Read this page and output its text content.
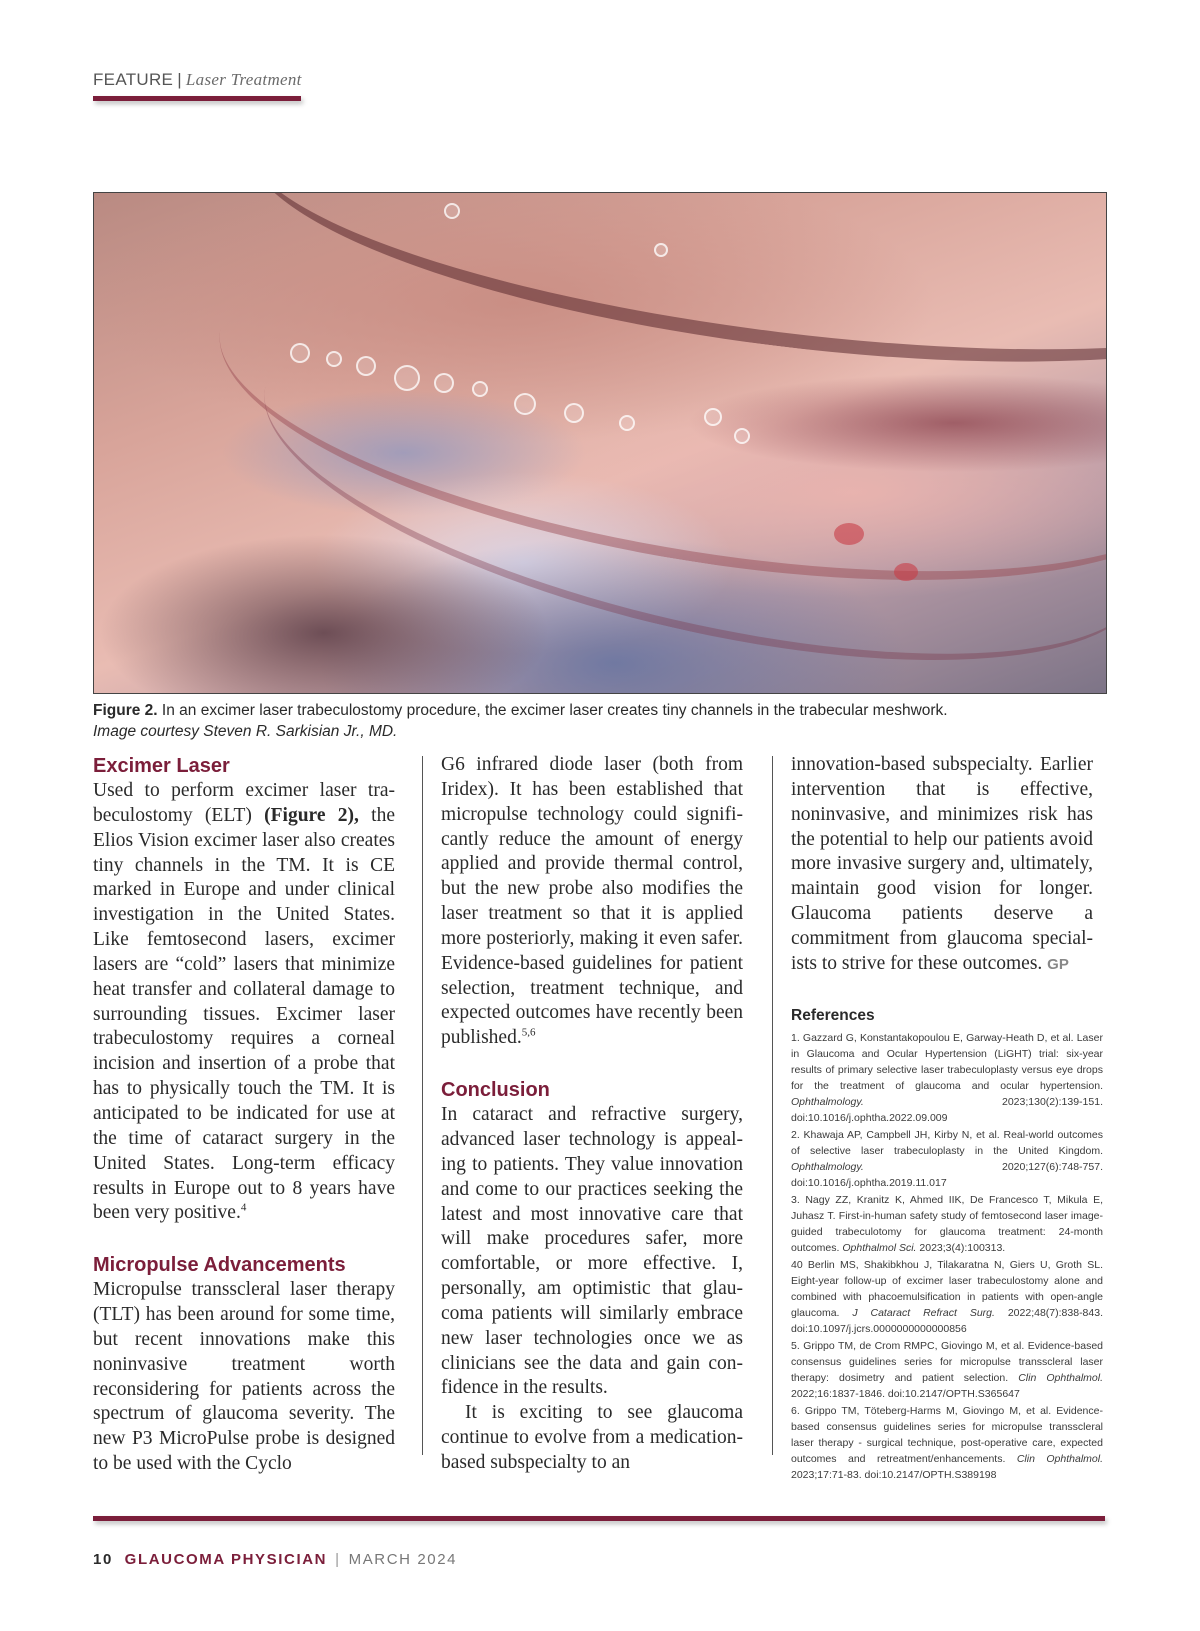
FEATURE | Laser Treatment
Figure 2. In an excimer laser trabeculostomy procedure, the excimer laser creates tiny channels in the trabecular meshwork.
Image courtesy Steven R. Sarkisian Jr., MD.
Excimer Laser

Used to perform excimer laser trabeculostomy (ELT) (Figure 2), the Elios Vision excimer laser also creates tiny channels in the TM. It is CE marked in Europe and under clinical investigation in the United States. Like femtosecond lasers, excimer lasers are “cold” lasers that minimize heat transfer and collateral damage to surrounding tissues. Excimer laser trabeculostomy requires a corneal incision and insertion of a probe that has to physically touch the TM. It is anticipated to be indicated for use at the time of cataract surgery in the United States. Long-term efficacy results in Europe out to 8 years have been very positive.$^4$

Micropulse Advancements

Micropulse transscleral laser therapy (TLT) has been around for some time, but recent innovations make this noninvasive treatment worth reconsidering for patients across the spectrum of glaucoma severity. The new P3 MicroPulse probe is designed to be used with the Cyclo

G6 infrared diode laser (both from Iridex). It has been established that micropulse technology could significantly reduce the amount of energy applied and provide thermal control, but the new probe also modifies the laser treatment so that it is applied more posteriorly, making it even safer. Evidence-based guidelines for patient selection, treatment technique, and expected outcomes have recently been published.$^{5,6}$

Conclusion

In cataract and refractive surgery, advanced laser technology is appealing to patients. They value innovation and come to our practices seeking the latest and most innovative care that will make procedures safer, more comfortable, or more effective. I, personally, am optimistic that glaucoma patients will similarly embrace new laser technologies once we as clinicians see the data and gain confidence in the results.

It is exciting to see glaucoma continue to evolve from a medication-based subspecialty to an

innovation-based subspecialty. Earlier intervention that is effective, noninvasive, and minimizes risk has the potential to help our patients avoid more invasive surgery and, ultimately, maintain good vision for longer. Glaucoma patients deserve a commitment from glaucoma specialists to strive for these outcomes. GP

References
1. Gazzard G, Konstantakopoulou E, Garway-Heath D, et al. Laser in Glaucoma and Ocular Hypertension (LiGHT) trial: six-year results of primary selective laser trabeculoplasty versus eye drops for the treatment of glaucoma and ocular hypertension. Ophthalmology. 2023;130(2):139-151. doi:10.1016/j.ophtha.2022.09.009
2. Khawaja AP, Campbell JH, Kirby N, et al. Real-world outcomes of selective laser trabeculoplasty in the United Kingdom. Ophthalmology. 2020;127(6):748-757. doi:10.1016/j.ophtha.2019.11.017
3. Nagy ZZ, Kranitz K, Ahmed IIK, De Francesco T, Mikula E, Juhasz T. First-in-human safety study of femtosecond laser image-guided trabeculotomy for glaucoma treatment: 24-month outcomes. Ophthalmol Sci. 2023;3(4):100313.
40 Berlin MS, Shakibkhou J, Tilakaratna N, Giers U, Groth SL. Eight-year follow-up of excimer laser trabeculostomy alone and combined with phacoemulsification in patients with open-angle glaucoma. J Cataract Refract Surg. 2022;48(7):838-843. doi:10.1097/j.jcrs.0000000000000856
5. Grippo TM, de Crom RMPC, Giovingo M, et al. Evidence-based consensus guidelines series for micropulse transscleral laser therapy: dosimetry and patient selection. Clin Ophthalmol. 2022;16:1837-1846. doi:10.2147/OPTH.S365647
6. Grippo TM, Töteberg-Harms M, Giovingo M, et al. Evidence-based consensus guidelines series for micropulse transscleral laser therapy - surgical technique, post-operative care, expected outcomes and retreatment/enhancements. Clin Ophthalmol. 2023;17:71-83. doi:10.2147/OPTH.S389198
10 GLAUCOMA PHYSICIAN | MARCH 2024
